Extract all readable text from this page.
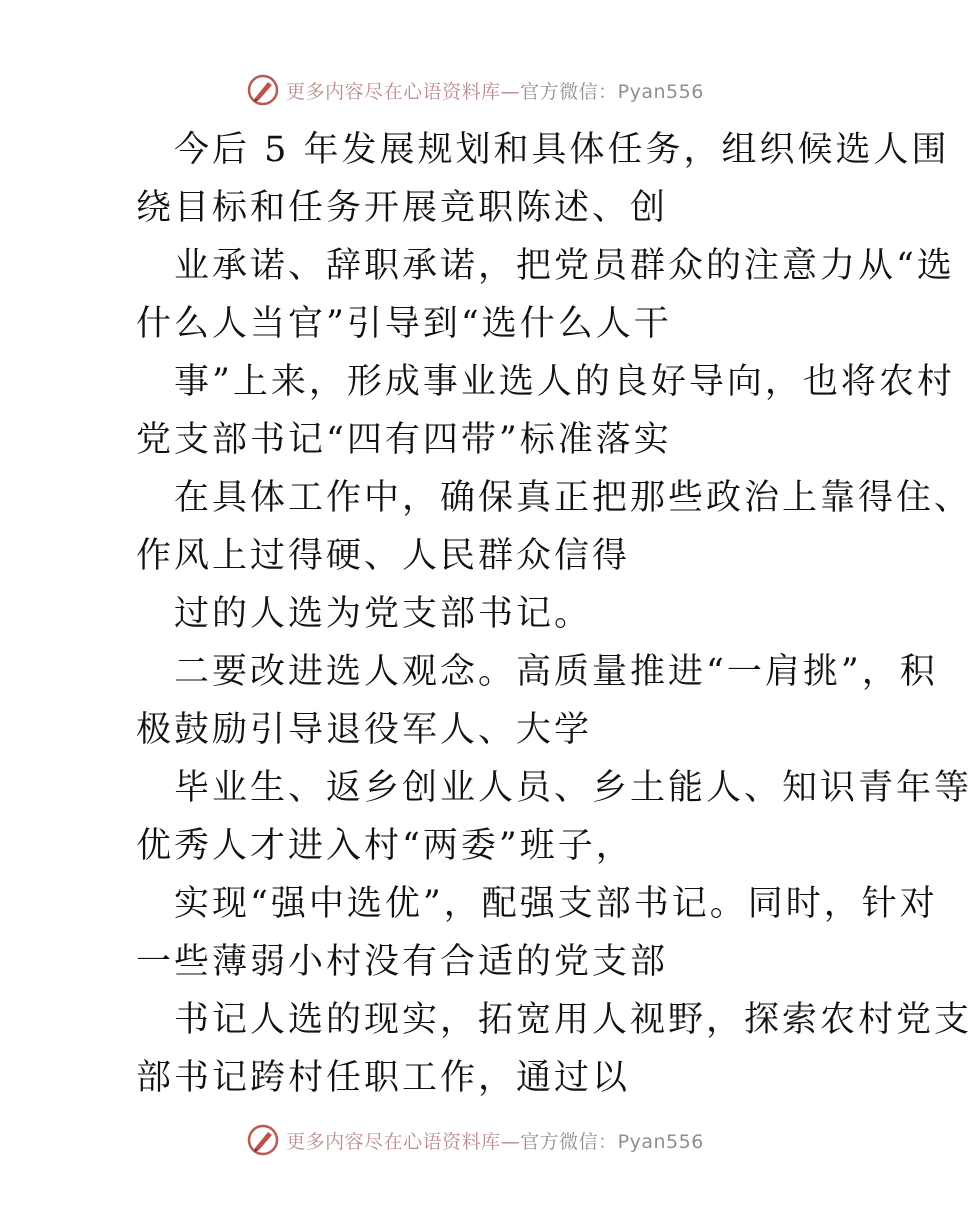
更多内容尽在心语资料库—官方微信：Pyan556
今后 5 年发展规划和具体任务，组织候选人围
绕目标和任务开展竞职陈述、创
业承诺、辞职承诺，把党员群众的注意力从“选
什么人当官”引导到“选什么人干
事”上来，形成事业选人的良好导向，也将农村
党支部书记“四有四带”标准落实
在具体工作中，确保真正把那些政治上靠得住、
作风上过得硬、人民群众信得
过的人选为党支部书记。
二要改进选人观念。高质量推进“一肩挑”，积
极鼓励引导退役军人、大学
毕业生、返乡创业人员、乡土能人、知识青年等
优秀人才进入村“两委”班子，
实现“强中选优”，配强支部书记。同时，针对
一些薄弱小村没有合适的党支部
书记人选的现实，拓宽用人视野，探索农村党支
部书记跨村任职工作，通过以
更多内容尽在心语资料库—官方微信：Pyan556
